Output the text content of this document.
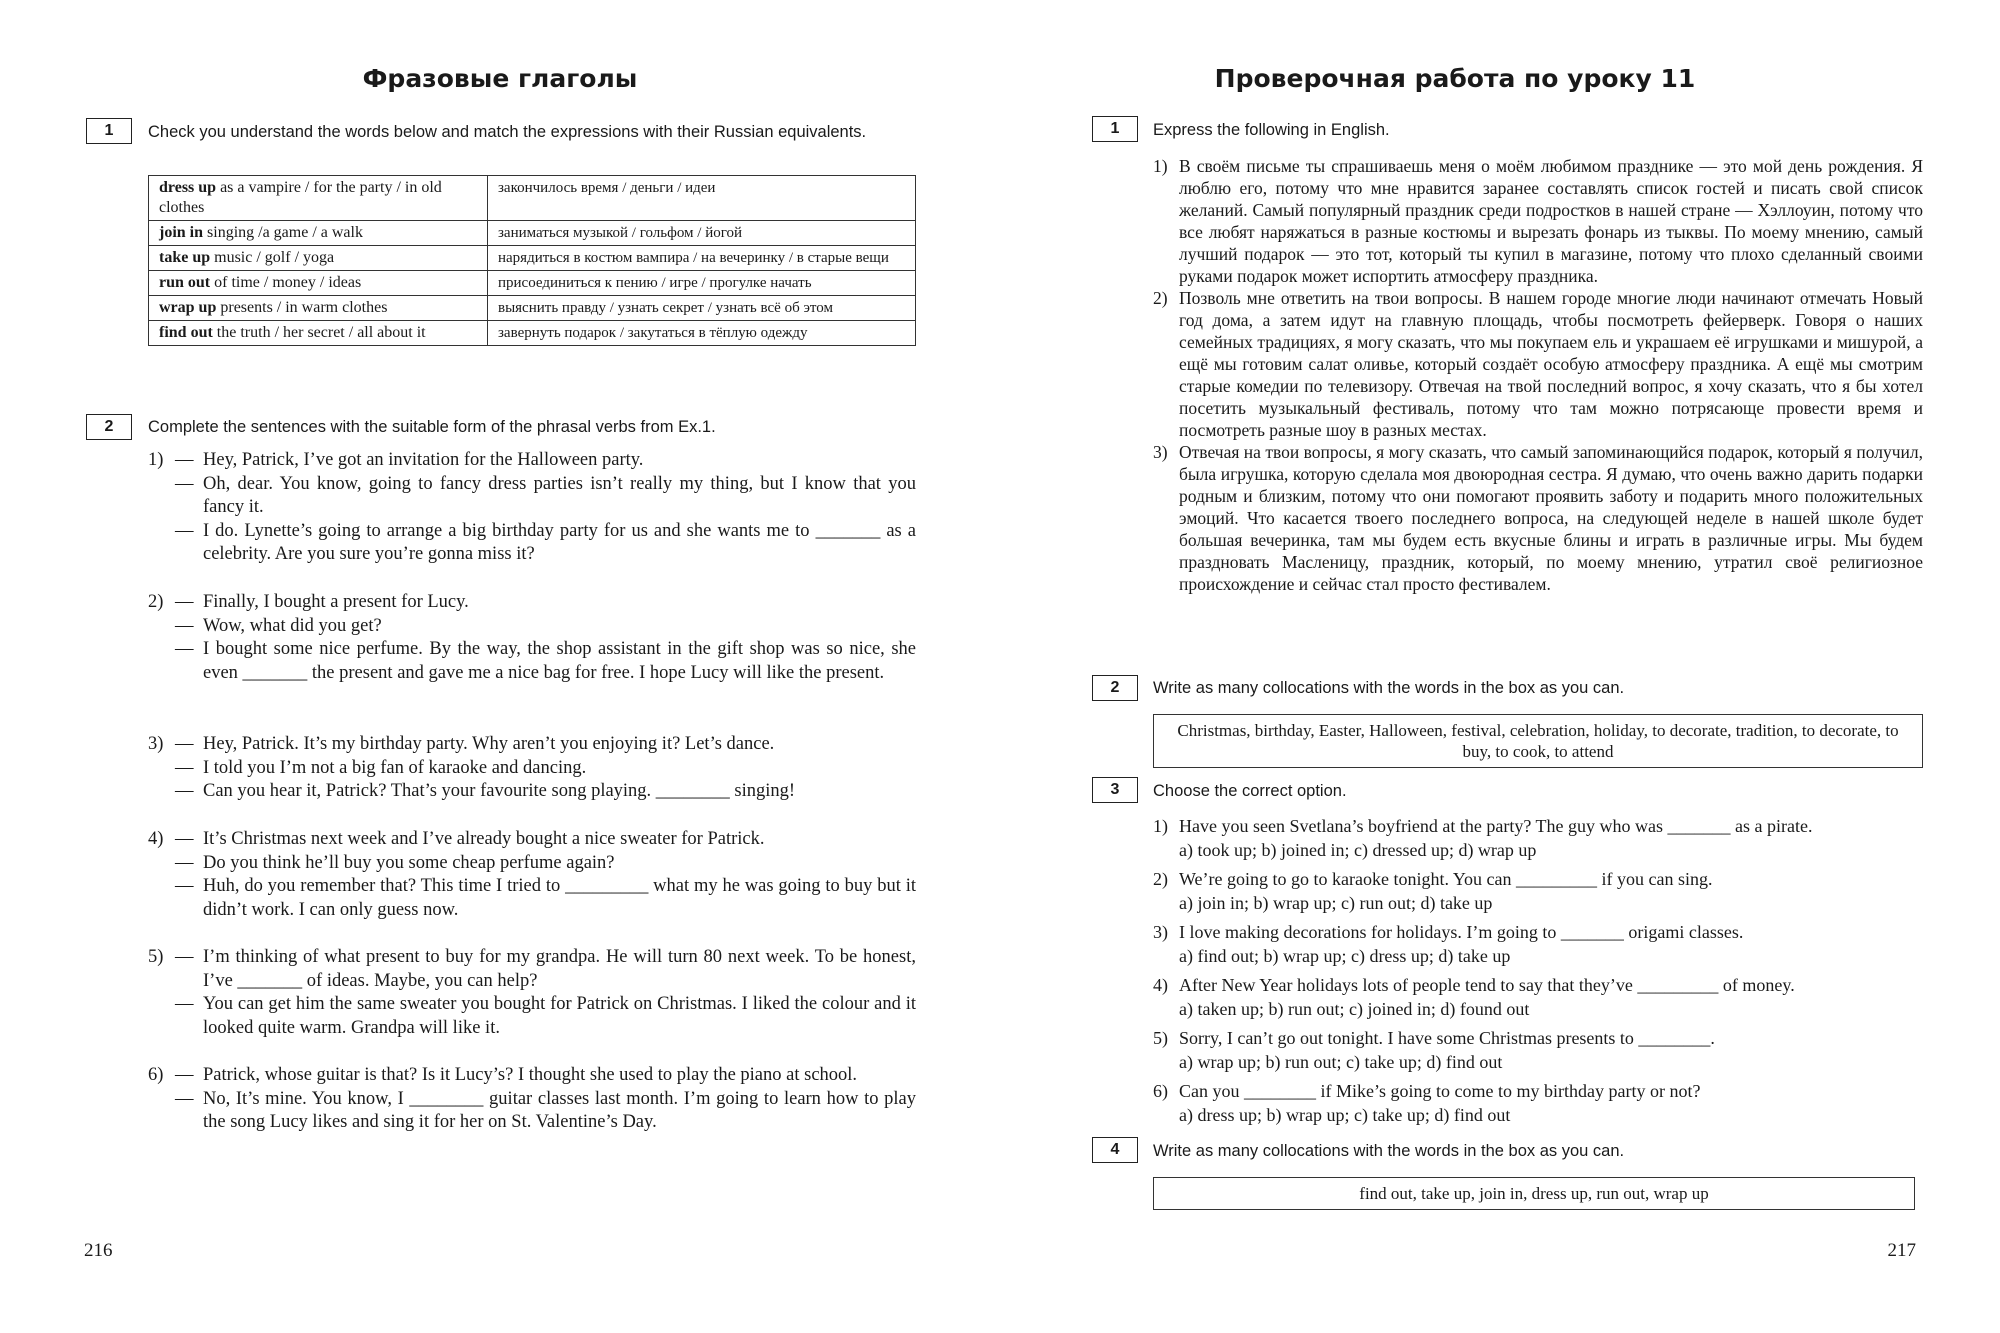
Фразовые глаголы
1	Check you understand the words below and match the expressions with their Russian equivalents.

dress up as a vampire / for the party / in old clothes	закончилось время / деньги / идеи
join in singing /a game / a walk	заниматься музыкой / гольфом / йогой
take up music / golf / yoga	нарядиться в костюм вампира / на вечеринку / в старые вещи
run out of time / money / ideas	присоединиться к пению / игре / прогулке начать
wrap up presents / in warm clothes	выяснить правду / узнать секрет / узнать всё об этом
find out the truth / her secret / all about it	завернуть подарок / закутаться в тёплую одежду
2	Complete the sentences with the suitable form of the phrasal verbs from Ex.1.

1) — Hey, Patrick, I’ve got an invitation for the Halloween party.
— Oh, dear. You know, going to fancy dress parties isn’t really my thing, but I know that you fancy it.
— I do. Lynette’s going to arrange a big birthday party for us and she wants me to _______ as a celebrity. Are you sure you’re gonna miss it?
2) — Finally, I bought a present for Lucy.
— Wow, what did you get?
— I bought some nice perfume. By the way, the shop assistant in the gift shop was so nice, she even _______ the present and gave me a nice bag for free. I hope Lucy will like the present.
3) — Hey, Patrick. It’s my birthday party. Why aren’t you enjoying it? Let’s dance.
— I told you I’m not a big fan of karaoke and dancing.
— Can you hear it, Patrick? That’s your favourite song playing. ________ singing!
4) — It’s Christmas next week and I’ve already bought a nice sweater for Patrick.
— Do you think he’ll buy you some cheap perfume again?
— Huh, do you remember that? This time I tried to _________ what my he was going to buy but it didn’t work. I can only guess now.
5) — I’m thinking of what present to buy for my grandpa. He will turn 80 next week. To be honest, I’ve _______ of ideas. Maybe, you can help?
— You can get him the same sweater you bought for Patrick on Christmas. I liked the colour and it looked quite warm. Grandpa will like it.
6) — Patrick, whose guitar is that? Is it Lucy’s? I thought she used to play the piano at school.
— No, It’s mine. You know, I ________ guitar classes last month. I’m going to learn how to play the song Lucy likes and sing it for her on St. Valentine’s Day.

216

Проверочная работа по уроку 11
1	Express the following in English.

1) В своём письме ты спрашиваешь меня о моём любимом празднике — это мой день рождения. Я люблю его, потому что мне нравится заранее составлять список гостей и писать свой список желаний. Самый популярный праздник среди подростков в нашей стране — Хэллоуин, потому что все любят наряжаться в разные костюмы и вырезать фонарь из тыквы. По моему мнению, самый лучший подарок — это тот, который ты купил в магазине, потому что плохо сделанный своими руками подарок может испортить атмосферу праздника.

2) Позволь мне ответить на твои вопросы. В нашем городе многие люди начинают отмечать Новый год дома, а затем идут на главную площадь, чтобы посмотреть фейерверк. Говоря о наших семейных традициях, я могу сказать, что мы покупаем ель и украшаем её игрушками и мишурой, а ещё мы готовим салат оливье, который создаёт особую атмосферу праздника. А ещё мы смотрим старые комедии по телевизору. Отвечая на твой последний вопрос, я хочу сказать, что я бы хотел посетить музыкальный фестиваль, потому что там можно потрясающе провести время и посмотреть разные шоу в разных местах.

3) Отвечая на твои вопросы, я могу сказать, что самый запоминающийся подарок, который я получил, была игрушка, которую сделала моя двоюродная сестра. Я думаю, что очень важно дарить подарки родным и близким, потому что они помогают проявить заботу и подарить много положительных эмоций. Что касается твоего последнего вопроса, на следующей неделе в нашей школе будет большая вечеринка, там мы будем есть вкусные блины и играть в различные игры. Мы будем праздновать Масленицу, праздник, который, по моему мнению, утратил своё религиозное происхождение и сейчас стал просто фестивалем.

2	Write as many collocations with the words in the box as you can.

Christmas, birthday, Easter, Halloween, festival, celebration, holiday, to decorate, tradition, to decorate, to buy, to cook, to attend
3	Choose the correct option.

1) Have you seen Svetlana’s boyfriend at the party? The guy who was _______ as a pirate.
a) took up; b) joined in; c) dressed up; d) wrap up

2) We’re going to go to karaoke tonight. You can _________ if you can sing.
a) join in; b) wrap up; c) run out; d) take up

3) I love making decorations for holidays. I’m going to _______ origami classes.
a) find out; b) wrap up; c) dress up; d) take up

4) After New Year holidays lots of people tend to say that they’ve _________ of money.
a) taken up; b) run out; c) joined in; d) found out

5) Sorry, I can’t go out tonight. I have some Christmas presents to ________.
a) wrap up; b) run out; c) take up; d) find out

6) Can you ________ if Mike’s going to come to my birthday party or not?
a) dress up; b) wrap up; c) take up; d) find out

4	Write as many collocations with the words in the box as you can.

find out, take up, join in, dress up, run out, wrap up

217
